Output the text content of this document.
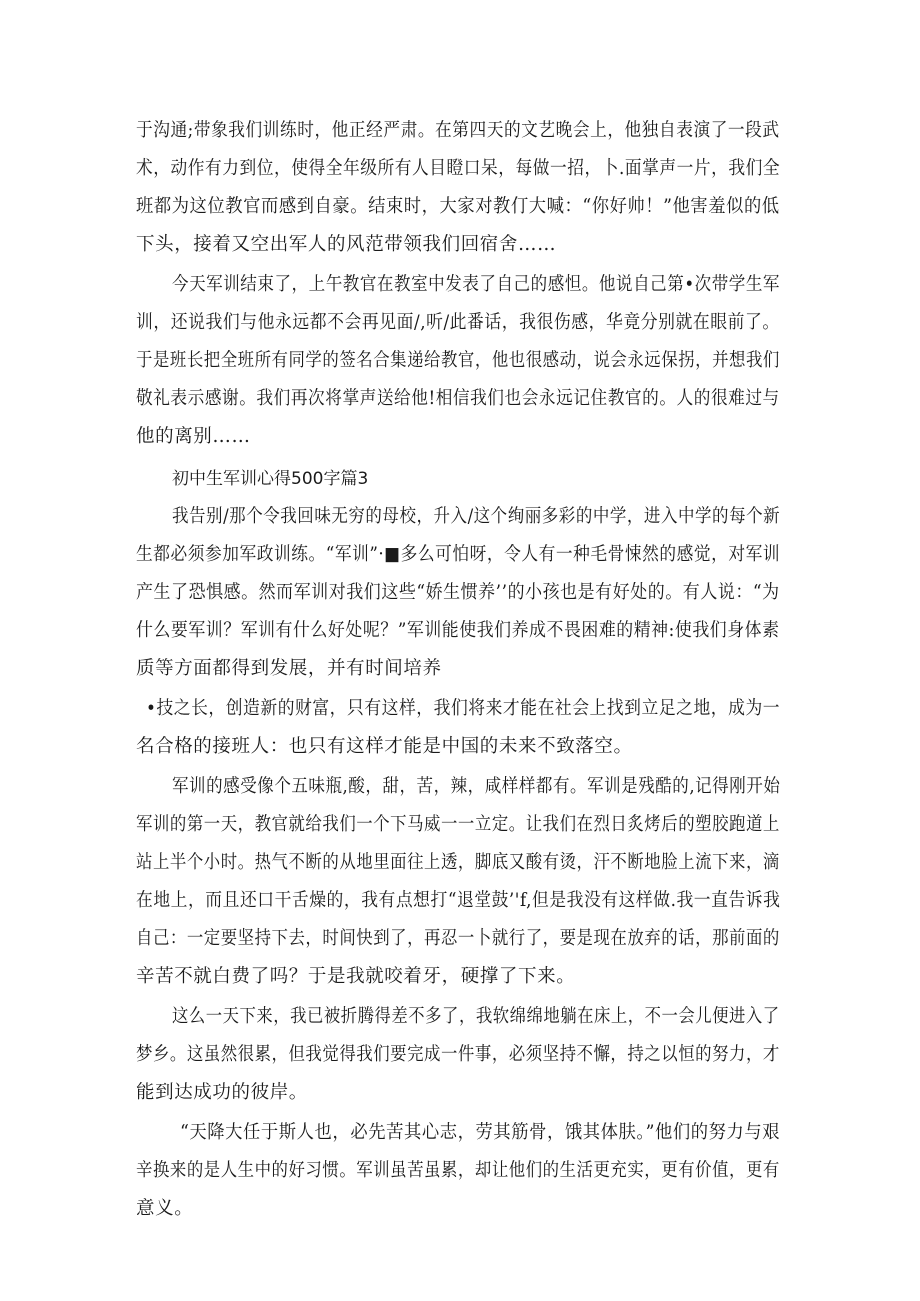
于沟通;带象我们训练时，他正经严肃。在第四天的文艺晚会上，他独自表演了一段武
术，动作有力到位，使得全年级所有人目瞪口呆，每做一招，卜.面掌声一片，我们全
班都为这位教官而感到自豪。结束时，大家对教仃大喊：“你好帅！”他害羞似的低
下头，接着又空出军人的风范带领我们回宿舍……
今天军训结束了，上午教官在教室中发表了自己的感怛。他说自己第•次带学生军
训，还说我们与他永远都不会再见面/,听/此番话，我很伤感，华竟分别就在眼前了。
于是班长把全班所有同学的签名合集递给教官，他也很感动，说会永远保拐，并想我们
敬礼表示感谢。我们再次将掌声送给他!相信我们也会永远记住教官的。人的很难过与
他的离别……
初中生军训心得500字篇3
我告别/那个令我回味无穷的母校，升入/这个绚丽多彩的中学，进入中学的每个新
生都必须参加军政训练。“军训”·■多么可怕呀，令人有一种毛骨悚然的感觉，对军训
产生了恐惧感。然而军训对我们这些“娇生惯养’’的小孩也是有好处的。有人说：“为
什么要军训？军训有什么好处呢？”军训能使我们养成不畏困难的精神:使我们身体素
质等方面都得到发展，并有时间培养
•技之长，创造新的财富，只有这样，我们将来才能在社会上找到立足之地，成为一
名合格的接班人：也只有这样才能是中国的未来不致落空。
军训的感受像个五味瓶,酸，甜，苦，辣，咸样样都有。军训是残酷的,记得刚开始
军训的第一天，教官就给我们一个下马威一一立定。让我们在烈日炙烤后的塑胶跑道上
站上半个小时。热气不断的从地里面往上透，脚底又酸有烫，汗不断地脸上流下来，滴
在地上，而且还口干舌燥的，我有点想打“退堂鼓’'f,但是我没有这样做.我一直告诉我
自己：一定要坚持下去，时间快到了，再忍一卜就行了，要是现在放弃的话，那前面的
辛苦不就白费了吗？于是我就咬着牙，硬撑了下来。
这么一天下来，我已被折腾得差不多了，我软绵绵地躺在床上，不一会儿便进入了
梦乡。这虽然很累，但我觉得我们要完成一件事，必须坚持不懈，持之以恒的努力，才
能到达成功的彼岸。
“天降大任于斯人也，必先苦其心志，劳其筋骨，饿其体肤。”他们的努力与艰
辛换来的是人生中的好习惯。军训虽苦虽累，却让他们的生活更充实，更有价值，更有
意义。
